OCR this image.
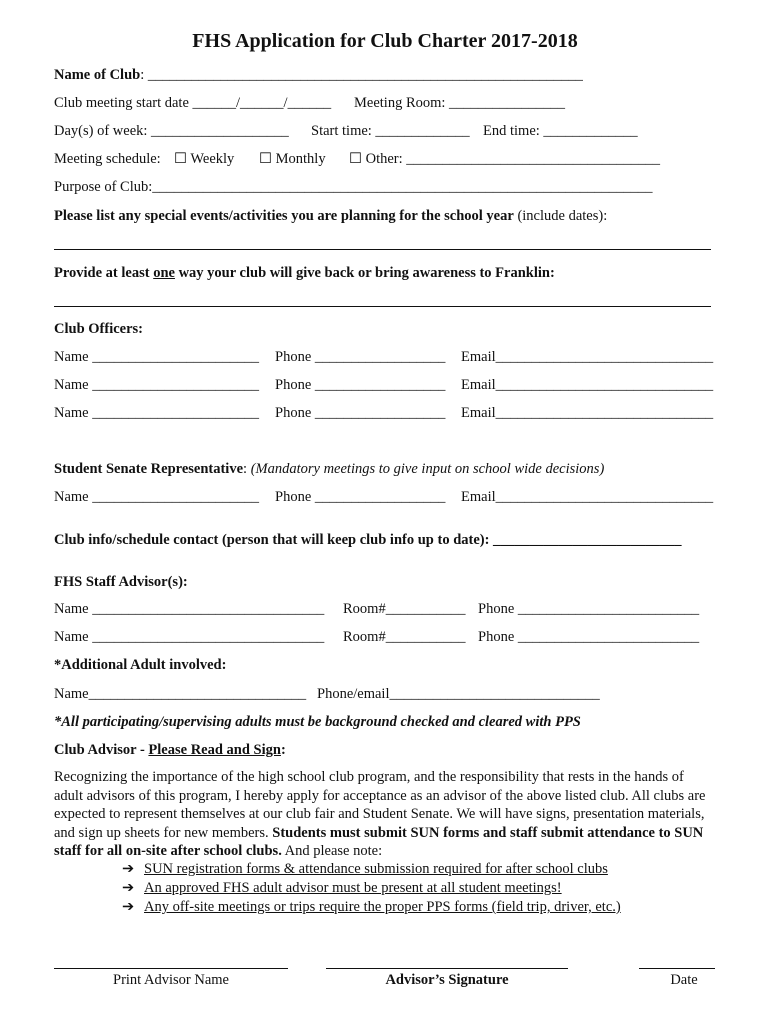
FHS Application for Club Charter 2017-2018
Name of Club: ____________________________________________________________
Club meeting start date ______/______/______ Meeting Room: ________________
Day(s) of week: ___________________ Start time: _____________ End time: _____________
Meeting schedule: ☐ Weekly ☐ Monthly ☐ Other: ___________________________________
Purpose of Club:_____________________________________________________________________
Please list any special events/activities you are planning for the school year (include dates):
Provide at least one way your club will give back or bring awareness to Franklin:
Club Officers:
Name _______________________ Phone __________________ Email______________________________
Name _______________________ Phone __________________ Email______________________________
Name _______________________ Phone __________________ Email______________________________
Student Senate Representative: (Mandatory meetings to give input on school wide decisions)
Name _______________________ Phone __________________ Email______________________________
Club info/schedule contact (person that will keep club info up to date): __________________________
FHS Staff Advisor(s):
Name ________________________________ Room#___________ Phone _________________________
Name ________________________________ Room#___________ Phone _________________________
*Additional Adult involved:
Name______________________________ Phone/email_____________________________
*All participating/supervising adults must be background checked and cleared with PPS
Club Advisor - Please Read and Sign:
Recognizing the importance of the high school club program, and the responsibility that rests in the hands of adult advisors of this program, I hereby apply for acceptance as an advisor of the above listed club. All clubs are expected to represent themselves at our club fair and Student Senate. We will have signs, presentation materials, and sign up sheets for new members. Students must submit SUN forms and staff submit attendance to SUN staff for all on-site after school clubs. And please note:
➔ SUN registration forms & attendance submission required for after school clubs
➔ An approved FHS adult advisor must be present at all student meetings!
➔ Any off-site meetings or trips require the proper PPS forms (field trip, driver, etc.)
Print Advisor Name	Advisor’s Signature	Date
